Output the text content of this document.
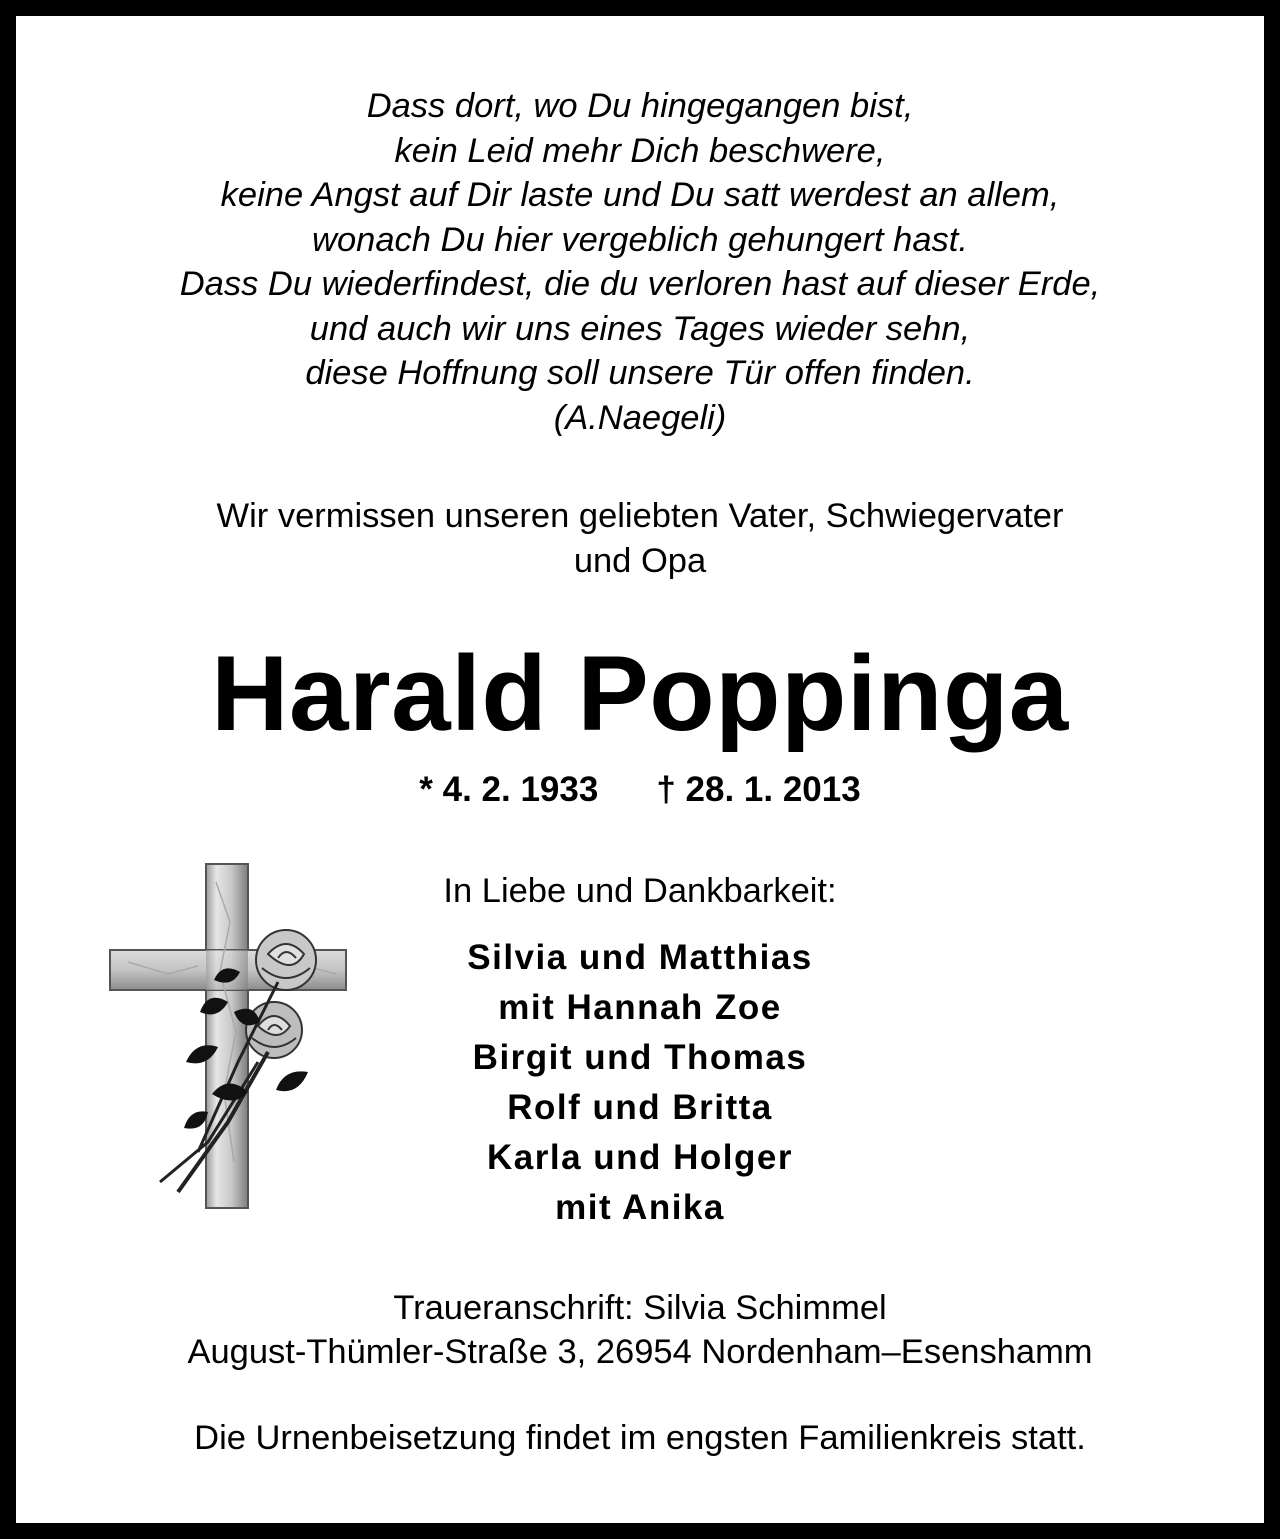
Dass dort, wo Du hingegangen bist,
kein Leid mehr Dich beschwere,
keine Angst auf Dir laste und Du satt werdest an allem,
wonach Du hier vergeblich gehungert hast.
Dass Du wiederfindest, die du verloren hast auf dieser Erde,
und auch wir uns eines Tages wieder sehn,
diese Hoffnung soll unsere Tür offen finden.
(A.Naegeli)
Wir vermissen unseren geliebten Vater, Schwiegervater
und Opa
Harald Poppinga
* 4. 2. 1933 † 28. 1. 2013
In Liebe und Dankbarkeit:
Silvia und Matthias
mit Hannah Zoe
Birgit und Thomas
Rolf und Britta
Karla und Holger
mit Anika
Traueranschrift: Silvia Schimmel
August-Thümler-Straße 3, 26954 Nordenham–Esenshamm
Die Urnenbeisetzung findet im engsten Familienkreis statt.
